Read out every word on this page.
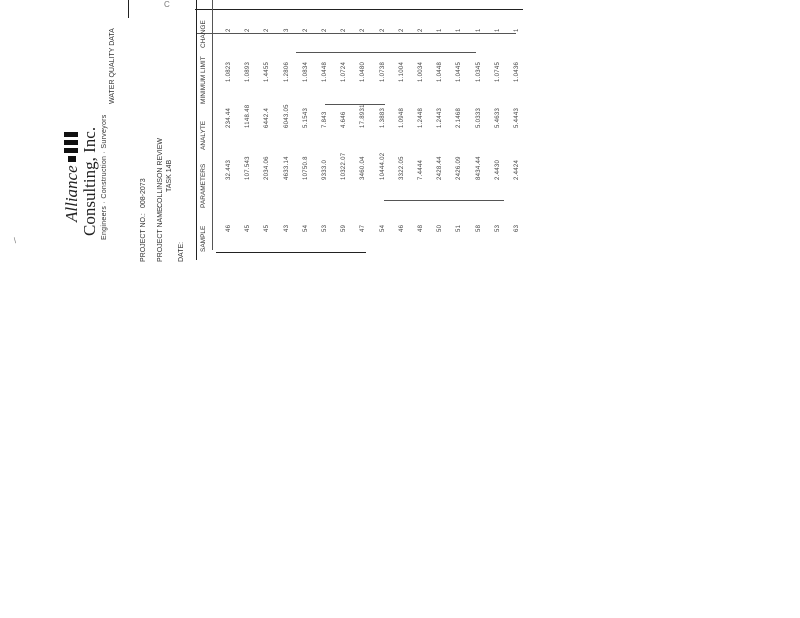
Alliance Consulting, Inc. Engineers · Construction · Surveyors
WATER QUALITY DATA
PROJECT NO.:
008-2073
PROJECT NAME:
COLLINSON REVIEW TASK 14B
DATE: SAMPLE
PARAMETERS
ANALYTE
MINIMUM LIMIT
CHANGE
46
32.443
234.44
1.0823
2
45
107.543
1148.48
1.0893
2
45
2034.06
6442.4
1.4455
2
43
4633.14
6043.05
1.2806
3
54
10750.8
5.1543
1.0834
2
53
9333.0
7.843
1.0448
2
59
10322.07
4.646
1.0724
2
47
3460.04
17.8931
1.0480
2
54
10444.02
1.3883
1.0738
2
46
3322.05
1.0948
1.1004
2
48
7.4444
1.2448
1.0034
2
50
2428.44
1.2443
1.0448
1
51
2426.09
2.1468
1.0445
1
58
8434.44
5.0333
1.0345
1
53
2.4430
5.4633
1.0745
1
63
2.4424
5.4443
1.0436
1
C
/
